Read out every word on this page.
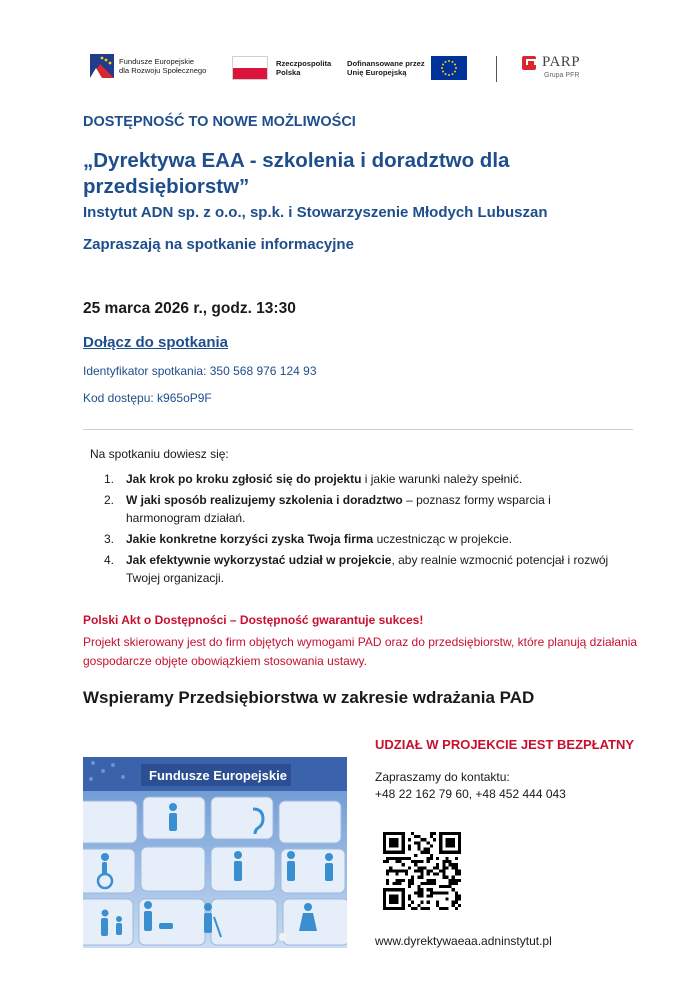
Fundusze Europejskie
dla Rozwoju Społecznego
Rzeczpospolita
Polska
Dofinansowane przez
Unię Europejską
PARP
Grupa PFR
DOSTĘPNOŚĆ TO NOWE MOŻLIWOŚCI
„Dyrektywa EAA - szkolenia i doradztwo dla przedsiębiorstw”
Instytut ADN sp. z o.o., sp.k. i Stowarzyszenie Młodych Lubuszan
Zapraszają na spotkanie informacyjne
25 marca 2026 r., godz. 13:30
Dołącz do spotkania
Identyfikator spotkania: 350 568 976 124 93
Kod dostępu: k965oP9F
Na spotkaniu dowiesz się:
1. Jak krok po kroku zgłosić się do projektu i jakie warunki należy spełnić.
2. W jaki sposób realizujemy szkolenia i doradztwo – poznasz formy wsparcia i harmonogram działań.
3. Jakie konkretne korzyści zyska Twoja firma uczestnicząc w projekcie.
4. Jak efektywnie wykorzystać udział w projekcie, aby realnie wzmocnić potencjał i rozwój Twojej organizacji.
Polski Akt o Dostępności – Dostępność gwarantuje sukces!
Projekt skierowany jest do firm objętych wymogami PAD oraz do przedsiębiorstw, które planują działania gospodarcze objęte obowiązkiem stosowania ustawy.
Wspieramy Przedsiębiorstwa w zakresie wdrażania PAD
Fundusze Europejskie
UDZIAŁ W PROJEKCIE JEST BEZPŁATNY
Zapraszamy do kontaktu:
+48 22 162 79 60, +48 452 444 043
www.dyrektywaeaa.adninstytut.pl
